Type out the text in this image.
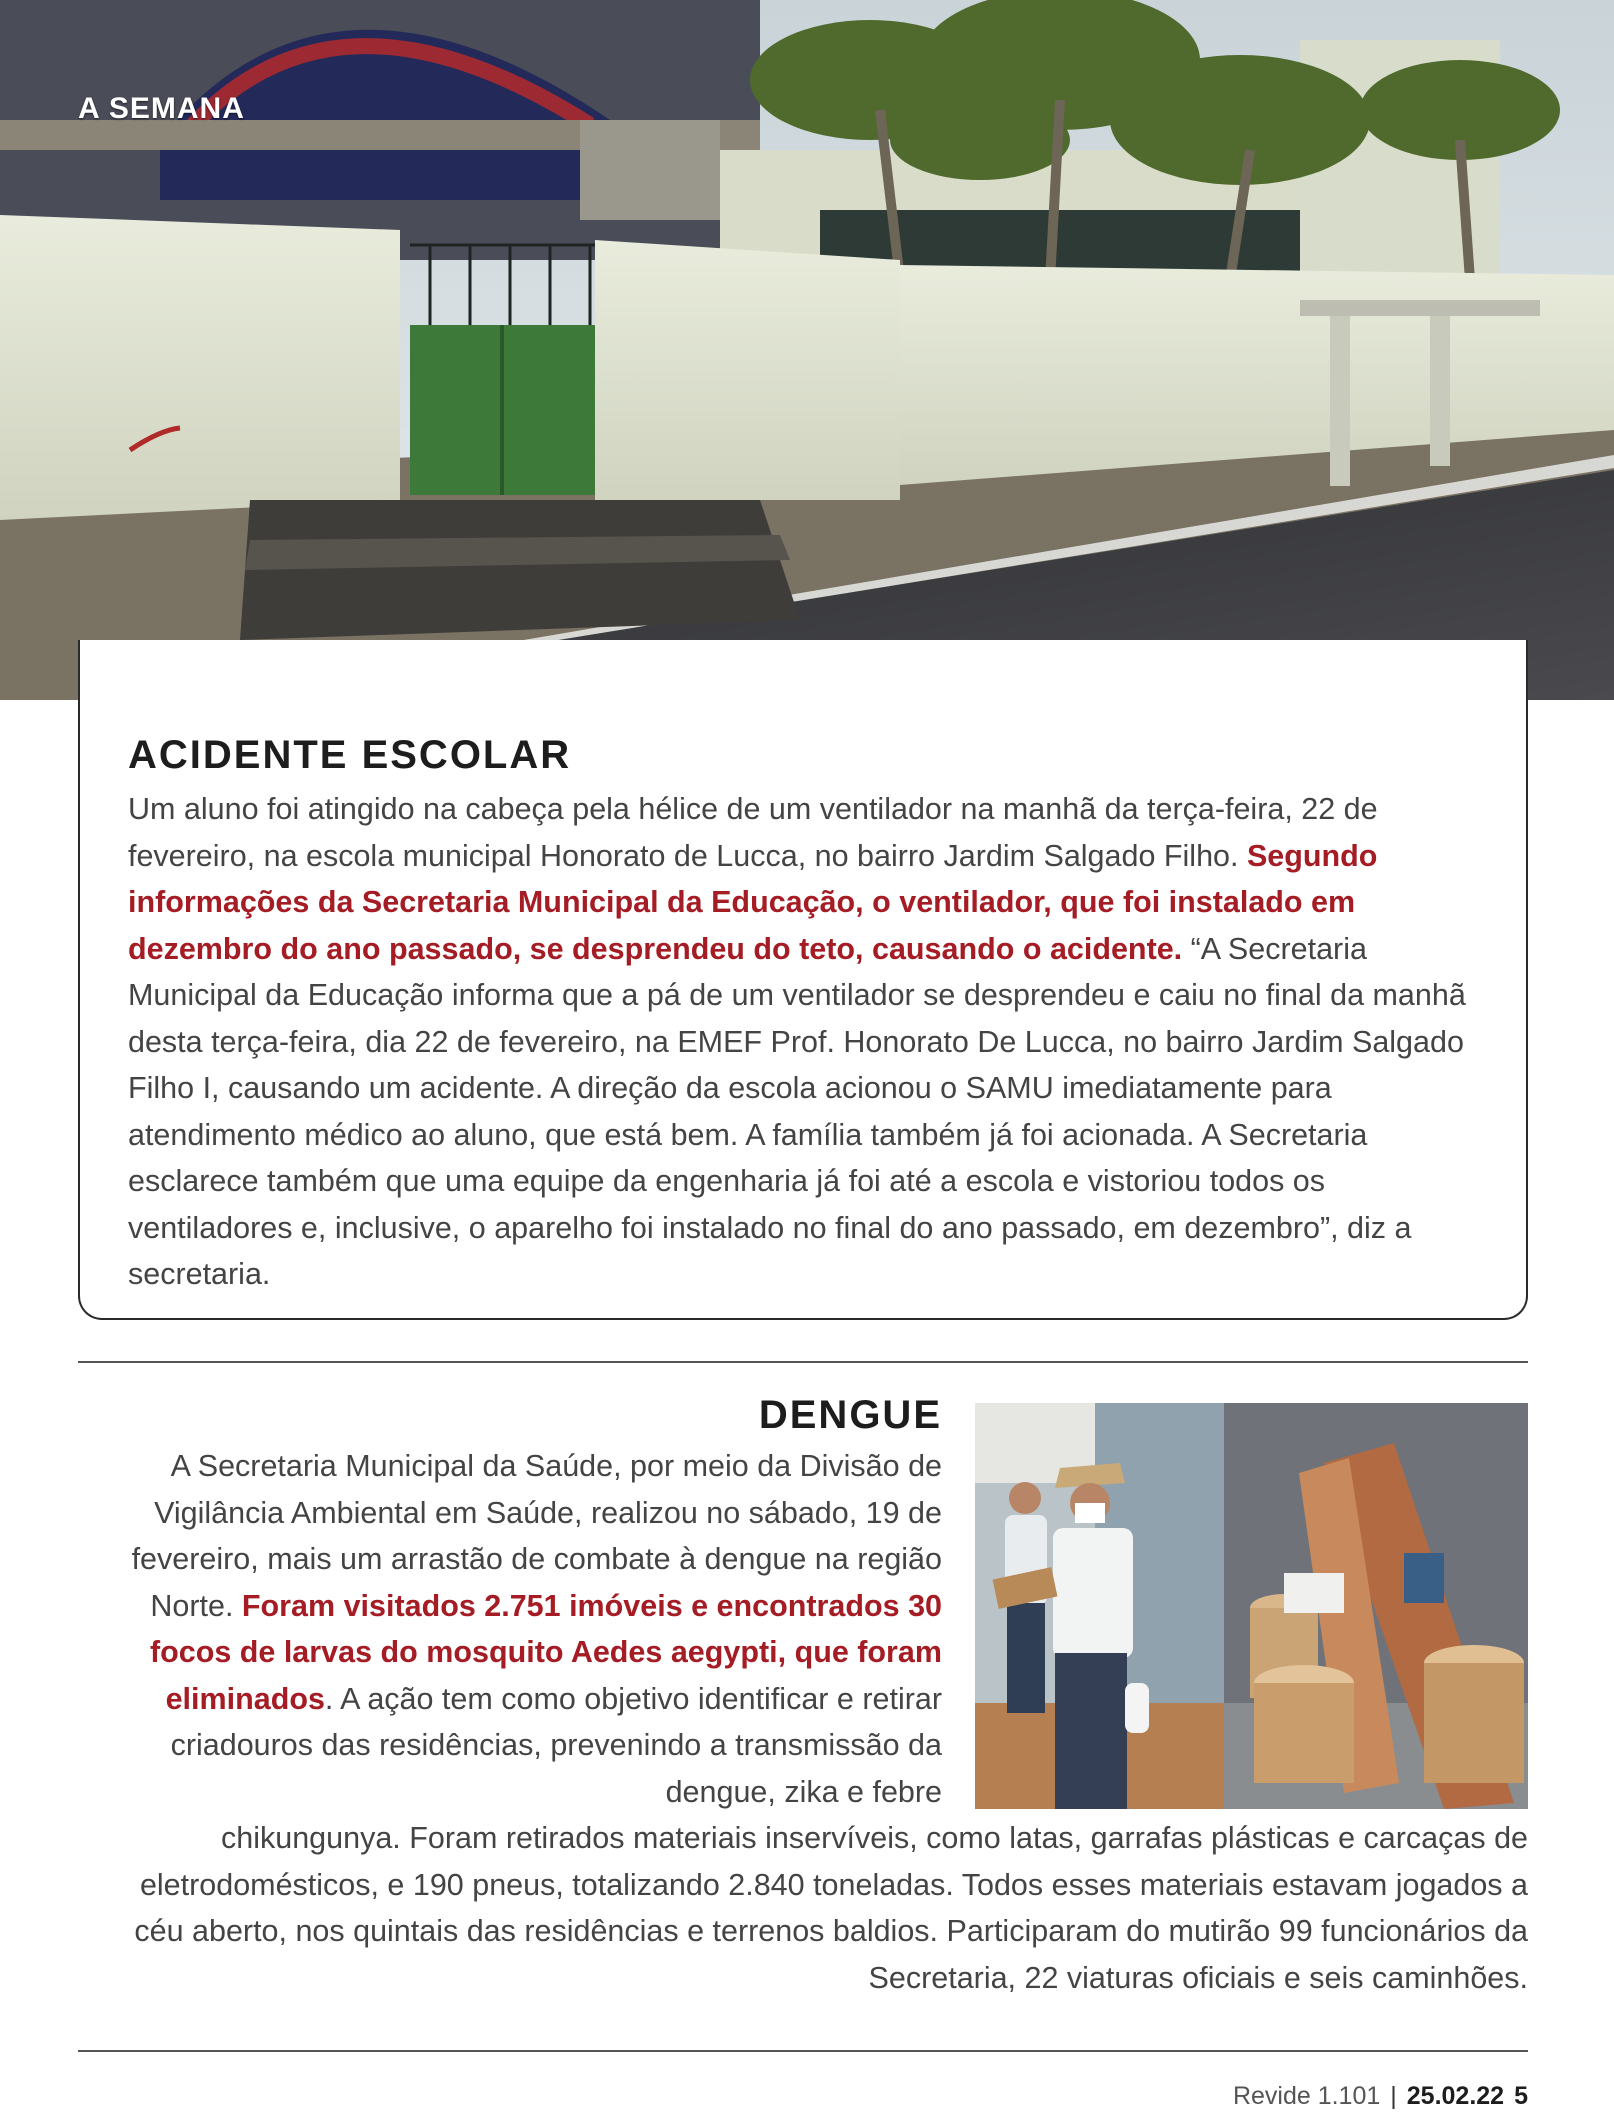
A SEMANA
ACIDENTE ESCOLAR

Um aluno foi atingido na cabeça pela hélice de um ventilador na manhã da terça-feira, 22 de fevereiro, na escola municipal Honorato de Lucca, no bairro Jardim Salgado Filho. Segundo informações da Secretaria Municipal da Educação, o ventilador, que foi instalado em dezembro do ano passado, se desprendeu do teto, causando o acidente. “A Secretaria Municipal da Educação informa que a pá de um ventilador se desprendeu e caiu no final da manhã desta terça-feira, dia 22 de fevereiro, na EMEF Prof. Honorato De Lucca, no bairro Jardim Salgado Filho I, causando um acidente. A direção da escola acionou o SAMU imediatamente para atendimento médico ao aluno, que está bem. A família também já foi acionada. A Secretaria esclarece também que uma equipe da engenharia já foi até a escola e vistoriou todos os ventiladores e, inclusive, o aparelho foi instalado no final do ano passado, em dezembro”, diz a secretaria.

DENGUE

A Secretaria Municipal da Saúde, por meio da Divisão de Vigilância Ambiental em Saúde, realizou no sábado, 19 de fevereiro, mais um arrastão de combate à dengue na região Norte. Foram visitados 2.751 imóveis e encontrados 30 focos de larvas do mosquito Aedes aegypti, que foram eliminados. A ação tem como objetivo identificar e retirar criadouros das residências, prevenindo a transmissão da dengue, zika e febre

chikungunya. Foram retirados materiais inservíveis, como latas, garrafas plásticas e carcaças de eletrodomésticos, e 190 pneus, totalizando 2.840 toneladas. Todos esses materiais estavam jogados a céu aberto, nos quintais das residências e terrenos baldios. Participaram do mutirão 99 funcionários da Secretaria, 22 viaturas oficiais e seis caminhões.

Revide 1.101 | 25.02.22 5
